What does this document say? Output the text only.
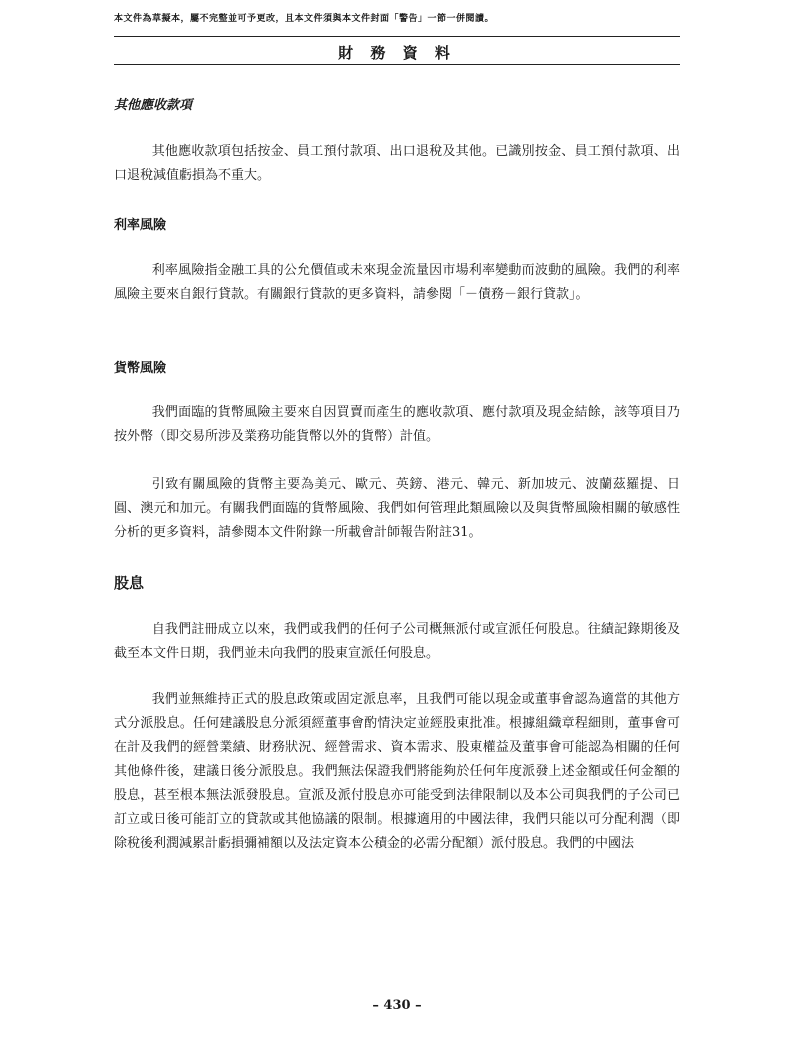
本文件為草擬本，屬不完整並可予更改，且本文件須與本文件封面「警告」一節一併閱讀。
財 務 資 料
其他應收款項

其他應收款項包括按金、員工預付款項、出口退稅及其他。已識別按金、員工預付款項、出口退稅減值虧損為不重大。

利率風險

利率風險指金融工具的公允價值或未來現金流量因市場利率變動而波動的風險。我們的利率風險主要來自銀行貸款。有關銀行貸款的更多資料，請參閱「－債務－銀行貸款」。

貨幣風險

我們面臨的貨幣風險主要來自因買賣而產生的應收款項、應付款項及現金結餘，該等項目乃按外幣（即交易所涉及業務功能貨幣以外的貨幣）計值。

引致有關風險的貨幣主要為美元、歐元、英鎊、港元、韓元、新加坡元、波蘭茲羅提、日圓、澳元和加元。有關我們面臨的貨幣風險、我們如何管理此類風險以及與貨幣風險相關的敏感性分析的更多資料，請參閱本文件附錄一所載會計師報告附註31。

股息

自我們註冊成立以來，我們或我們的任何子公司概無派付或宣派任何股息。往績記錄期後及截至本文件日期，我們並未向我們的股東宣派任何股息。

我們並無維持正式的股息政策或固定派息率，且我們可能以現金或董事會認為適當的其他方式分派股息。任何建議股息分派須經董事會酌情決定並經股東批准。根據組織章程細則，董事會可在計及我們的經營業績、財務狀況、經營需求、資本需求、股東權益及董事會可能認為相關的任何其他條件後，建議日後分派股息。我們無法保證我們將能夠於任何年度派發上述金額或任何金額的股息，甚至根本無法派發股息。宣派及派付股息亦可能受到法律限制以及本公司與我們的子公司已訂立或日後可能訂立的貸款或其他協議的限制。根據適用的中國法律，我們只能以可分配利潤（即除稅後利潤減累計虧損彌補額以及法定資本公積金的必需分配額）派付股息。我們的中國法

– 430 –
